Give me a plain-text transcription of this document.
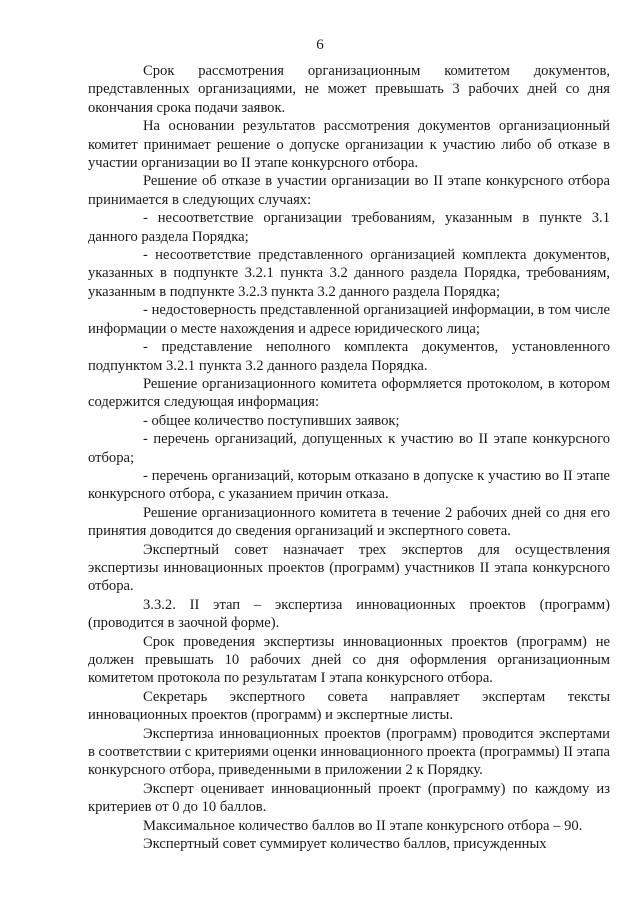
6

Срок рассмотрения организационным комитетом документов, представленных организациями, не может превышать 3 рабочих дней со дня окончания срока подачи заявок.

На основании результатов рассмотрения документов организационный комитет принимает решение о допуске организации к участию либо об отказе в участии организации во II этапе конкурсного отбора.

Решение об отказе в участии организации во II этапе конкурсного отбора принимается в следующих случаях:

- несоответствие организации требованиям, указанным в пункте 3.1 данного раздела Порядка;

- несоответствие представленного организацией комплекта документов, указанных в подпункте 3.2.1 пункта 3.2 данного раздела Порядка, требованиям, указанным в подпункте 3.2.3 пункта 3.2 данного раздела Порядка;

- недостоверность представленной организацией информации, в том числе информации о месте нахождения и адресе юридического лица;

- представление неполного комплекта документов, установленного подпунктом 3.2.1 пункта 3.2 данного раздела Порядка.

Решение организационного комитета оформляется протоколом, в котором содержится следующая информация:

- общее количество поступивших заявок;

- перечень организаций, допущенных к участию во II этапе конкурсного отбора;

- перечень организаций, которым отказано в допуске к участию во II этапе конкурсного отбора, с указанием причин отказа.

Решение организационного комитета в течение 2 рабочих дней со дня его принятия доводится до сведения организаций и экспертного совета.

Экспертный совет назначает трех экспертов для осуществления экспертизы инновационных проектов (программ) участников II этапа конкурсного отбора.

3.3.2. II этап – экспертиза инновационных проектов (программ) (проводится в заочной форме).

Срок проведения экспертизы инновационных проектов (программ) не должен превышать 10 рабочих дней со дня оформления организационным комитетом протокола по результатам I этапа конкурсного отбора.

Секретарь экспертного совета направляет экспертам тексты инновационных проектов (программ) и экспертные листы.

Экспертиза инновационных проектов (программ) проводится экспертами в соответствии с критериями оценки инновационного проекта (программы) II этапа конкурсного отбора, приведенными в приложении 2 к Порядку.

Эксперт оценивает инновационный проект (программу) по каждому из критериев от 0 до 10 баллов.

Максимальное количество баллов во II этапе конкурсного отбора – 90.

Экспертный совет суммирует количество баллов, присужденных
